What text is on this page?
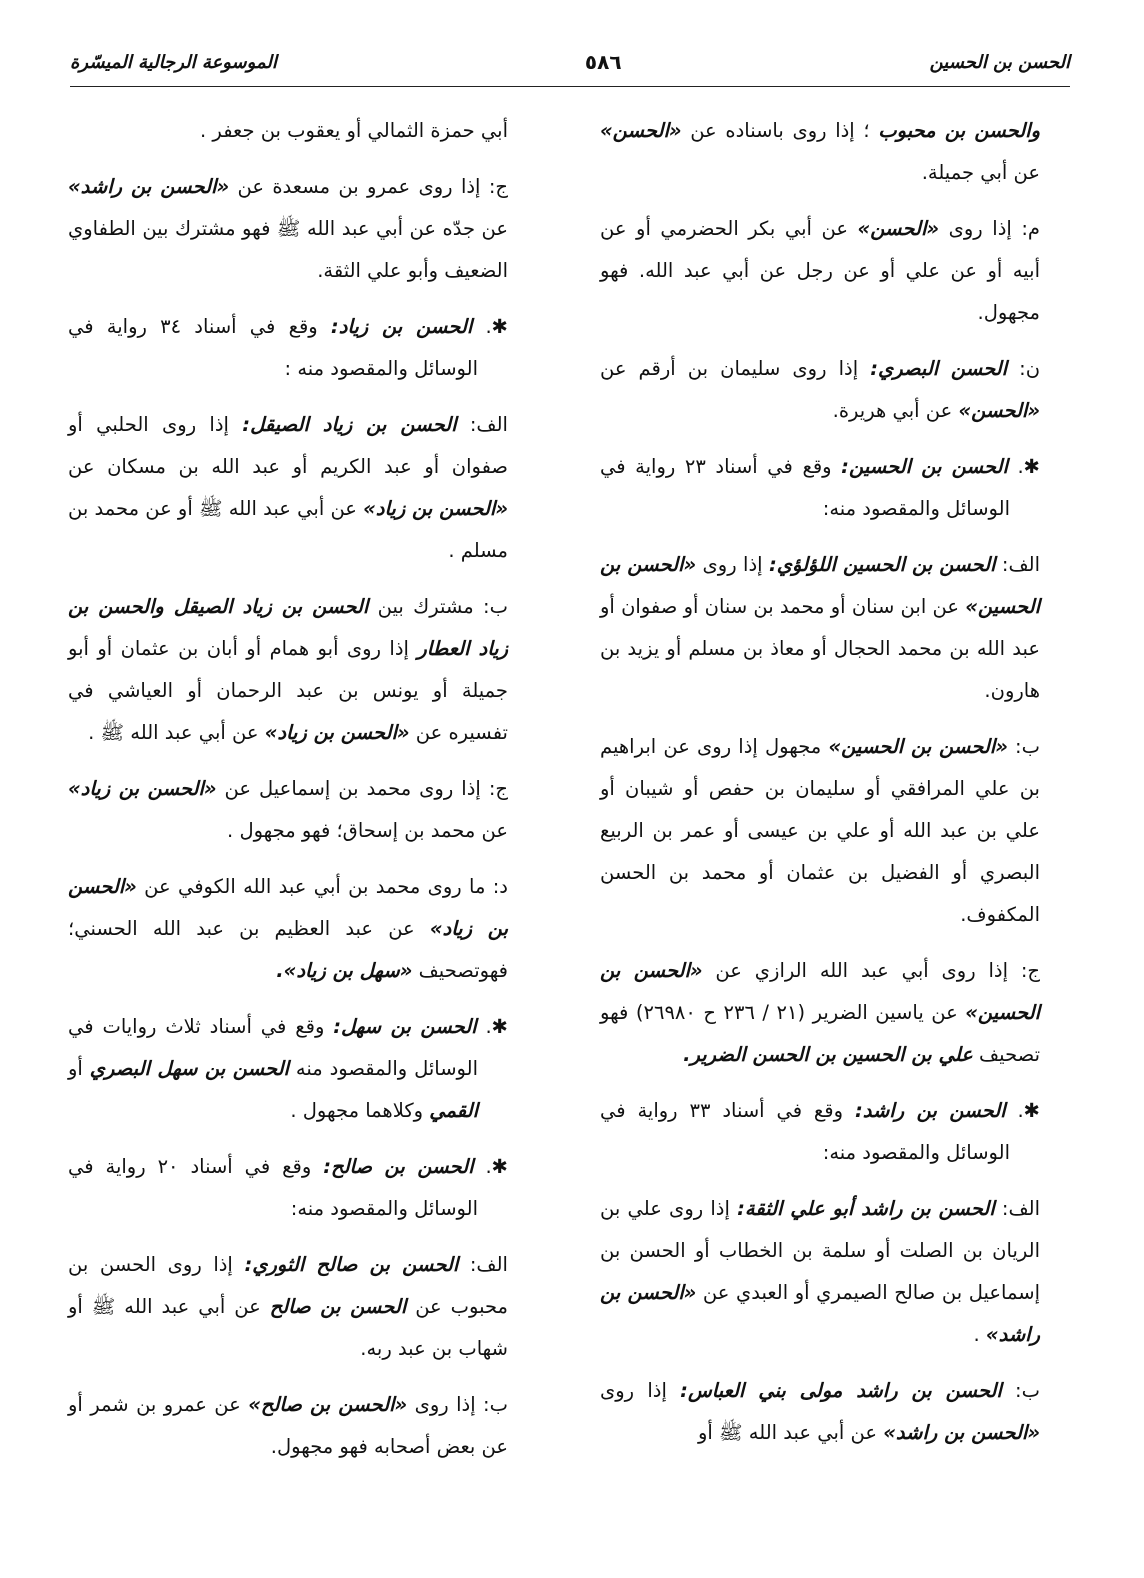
الموسوعة الرجالية الميسّرة	٥٨٦	الحسن بن الحسين

والحسن بن محبوب ؛ إذا روى باسناده عن «الحسن» عن أبي جميلة.

م: إذا روى «الحسن» عن أبي بكر الحضرمي أو عن أبيه أو عن علي أو عن رجل عن أبي عبد الله. فهو مجهول.

ن: الحسن البصري: إذا روى سليمان بن أرقم عن «الحسن» عن أبي هريرة.

✱. الحسن بن الحسين: وقع في أسناد ٢٣ رواية في الوسائل والمقصود منه:

الف: الحسن بن الحسين اللؤلؤي: إذا روى «الحسن بن الحسين» عن ابن سنان أو محمد بن سنان أو صفوان أو عبد الله بن محمد الحجال أو معاذ بن مسلم أو يزيد بن هارون.

ب: «الحسن بن الحسين» مجهول إذا روى عن ابراهيم بن علي المرافقي أو سليمان بن حفص أو شيبان أو علي بن عبد الله أو علي بن عيسى أو عمر بن الربيع البصري أو الفضيل بن عثمان أو محمد بن الحسن المكفوف.

ج: إذا روى أبي عبد الله الرازي عن «الحسن بن الحسين» عن ياسين الضرير (٢١ / ٢٣٦ ح ٢٦٩٨٠) فهو تصحيف علي بن الحسين بن الحسن الضرير.

✱. الحسن بن راشد: وقع في أسناد ٣٣ رواية في الوسائل والمقصود منه:

الف: الحسن بن راشد أبو علي الثقة: إذا روى علي بن الريان بن الصلت أو سلمة بن الخطاب أو الحسن بن إسماعيل بن صالح الصيمري أو العبدي عن «الحسن بن راشد» .

ب: الحسن بن راشد مولى بني العباس: إذا روى «الحسن بن راشد» عن أبي عبد الله ﷺ أو

أبي حمزة الثمالي أو يعقوب بن جعفر .

ج: إذا روى عمرو بن مسعدة عن «الحسن بن راشد» عن جدّه عن أبي عبد الله ﷺ فهو مشترك بين الطفاوي الضعيف وأبو علي الثقة.

✱. الحسن بن زياد: وقع في أسناد ٣٤ رواية في الوسائل والمقصود منه :

الف: الحسن بن زياد الصيقل: إذا روى الحلبي أو صفوان أو عبد الكريم أو عبد الله بن مسكان عن «الحسن بن زياد» عن أبي عبد الله ﷺ أو عن محمد بن مسلم .

ب: مشترك بين الحسن بن زياد الصيقل والحسن بن زياد العطار إذا روى أبو همام أو أبان بن عثمان أو أبو جميلة أو يونس بن عبد الرحمان أو العياشي في تفسيره عن «الحسن بن زياد» عن أبي عبد الله ﷺ .

ج: إذا روى محمد بن إسماعيل عن «الحسن بن زياد» عن محمد بن إسحاق؛ فهو مجهول .

د: ما روى محمد بن أبي عبد الله الكوفي عن «الحسن بن زياد» عن عبد العظيم بن عبد الله الحسني؛ فهوتصحيف «سهل بن زياد».

✱. الحسن بن سهل: وقع في أسناد ثلاث روايات في الوسائل والمقصود منه الحسن بن سهل البصري أو القمي وكلاهما مجهول .

✱. الحسن بن صالح: وقع في أسناد ٢٠ رواية في الوسائل والمقصود منه:

الف: الحسن بن صالح الثوري: إذا روى الحسن بن محبوب عن الحسن بن صالح عن أبي عبد الله ﷺ أو شهاب بن عبد ربه.

ب: إذا روى «الحسن بن صالح» عن عمرو بن شمر أو عن بعض أصحابه فهو مجهول.
